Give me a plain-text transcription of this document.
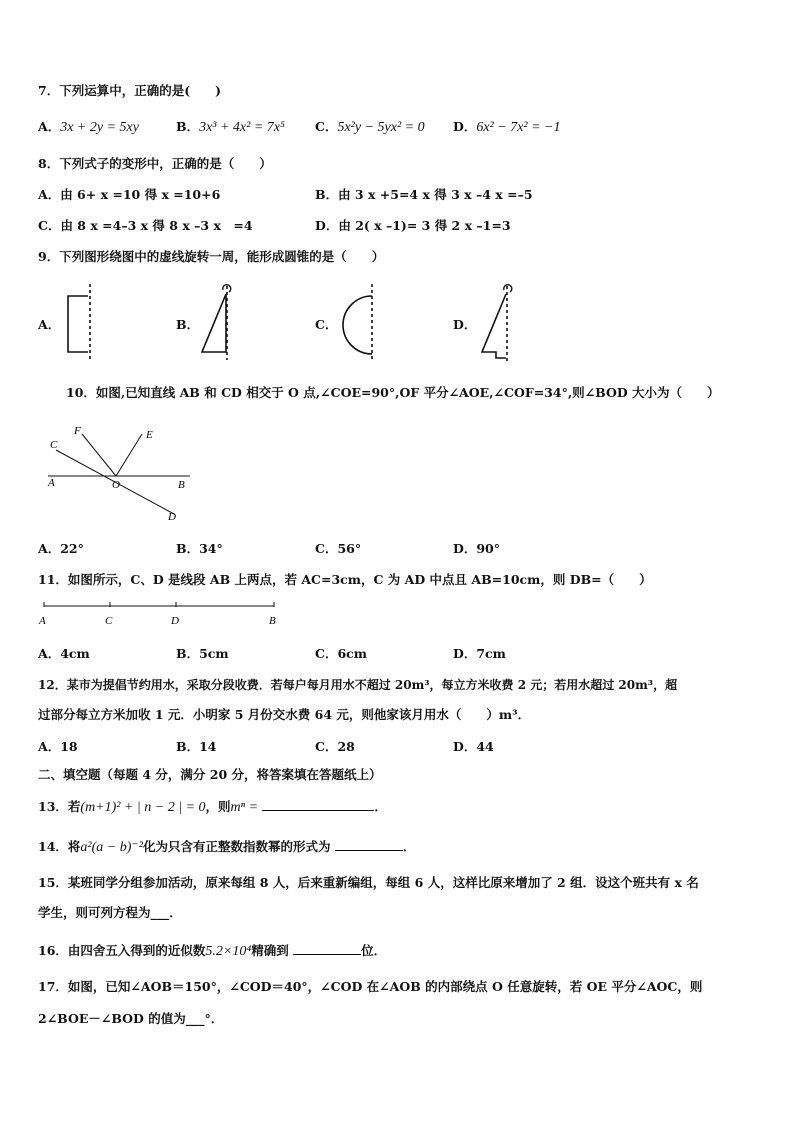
7．下列运算中，正确的是(　　)
A．3x + 2y = 5xy	B．3x³ + 4x² = 7x⁵ C．5x²y − 5yx² = 0 D．6x² − 7x² = −1
8．下列式子的变形中，正确的是（　　）
A．由 6+ x =10 得 x =10+6	B．由 3 x +5=4 x 得 3 x –4 x =–5
C．由 8 x =4–3 x 得 8 x –3 x　=4	D．由 2( x –1)= 3 得 2 x –1=3
9．下列图形绕图中的虚线旋转一周，能形成圆锥的是（　　）
A．	B．	C．	D．
10．如图,已知直线 AB 和 CD 相交于 O 点,∠COE=90°,OF 平分∠AOE,∠COF=34°,则∠BOD 大小为（　　）
A	O	B
C
D
E
F
A．22°	B．34°	C．56°	D．90°
11．如图所示，C、D 是线段 AB 上两点，若 AC=3cm，C 为 AD 中点且 AB=10cm，则 DB=（　　）
A	C	D	B
A．4cm	B．5cm	C．6cm	D．7cm
12．某市为提倡节约用水，采取分段收费．若每户每月用水不超过 20m³，每立方米收费 2 元；若用水超过 20m³，超
过部分每立方米加收 1 元．小明家 5 月份交水费 64 元，则他家该月用水（　　）m³．
A．18	B．14	C．28	D．44
二、填空题（每题 4 分，满分 20 分，将答案填在答题纸上）
13．若(m+1)² + | n − 2 | = 0，则mⁿ =	．
14．将a²(a − b)⁻²化为只含有正整数指数幂的形式为	．
15．某班同学分组参加活动，原来每组 8 人，后来重新编组，每组 6 人，这样比原来增加了 2 组．设这个班共有 x 名
学生，则可列方程为___．
16．由四舍五入得到的近似数5.2×10⁴精确到	位．
17．如图，已知∠AOB＝150°，∠COD＝40°，∠COD 在∠AOB 的内部绕点 O 任意旋转，若 OE 平分∠AOC，则
2∠BOE－∠BOD 的值为___°．
